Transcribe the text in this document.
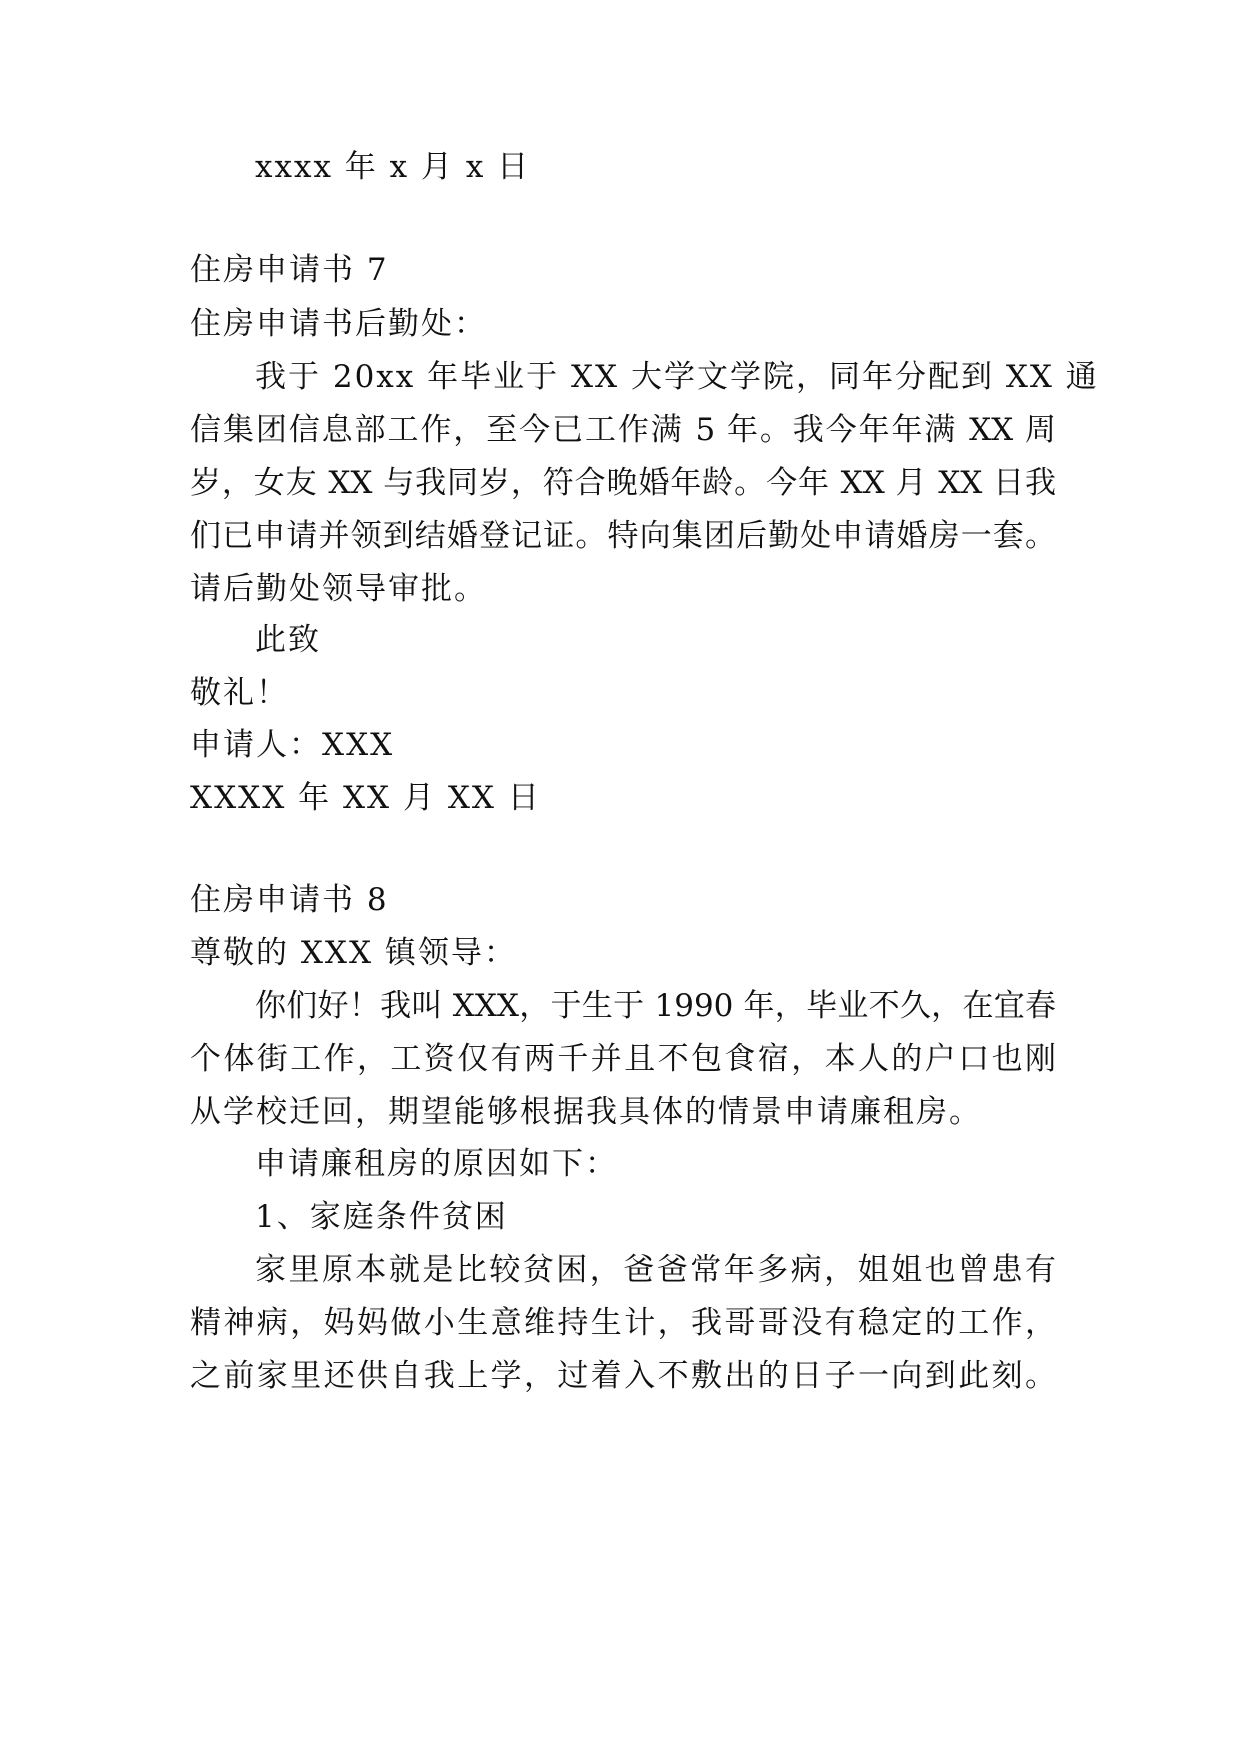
xxxx 年 x 月 x 日
住房申请书 7
住房申请书后勤处：
我于 20xx 年毕业于 XX 大学文学院，同年分配到 XX 通
信集团信息部工作，至今已工作满 5 年。我今年年满 XX 周
岁，女友 XX 与我同岁，符合晚婚年龄。今年 XX 月 XX 日我
们已申请并领到结婚登记证。特向集团后勤处申请婚房一套。
请后勤处领导审批。
此致
敬礼！
申请人：XXX
XXXX 年 XX 月 XX 日
住房申请书 8
尊敬的 XXX 镇领导：
你们好！我叫 XXX，于生于 1990 年，毕业不久，在宜春
个体街工作，工资仅有两千并且不包食宿，本人的户口也刚
从学校迁回，期望能够根据我具体的情景申请廉租房。
申请廉租房的原因如下：
1、家庭条件贫困
家里原本就是比较贫困，爸爸常年多病，姐姐也曾患有
精神病，妈妈做小生意维持生计，我哥哥没有稳定的工作，
之前家里还供自我上学，过着入不敷出的日子一向到此刻。
